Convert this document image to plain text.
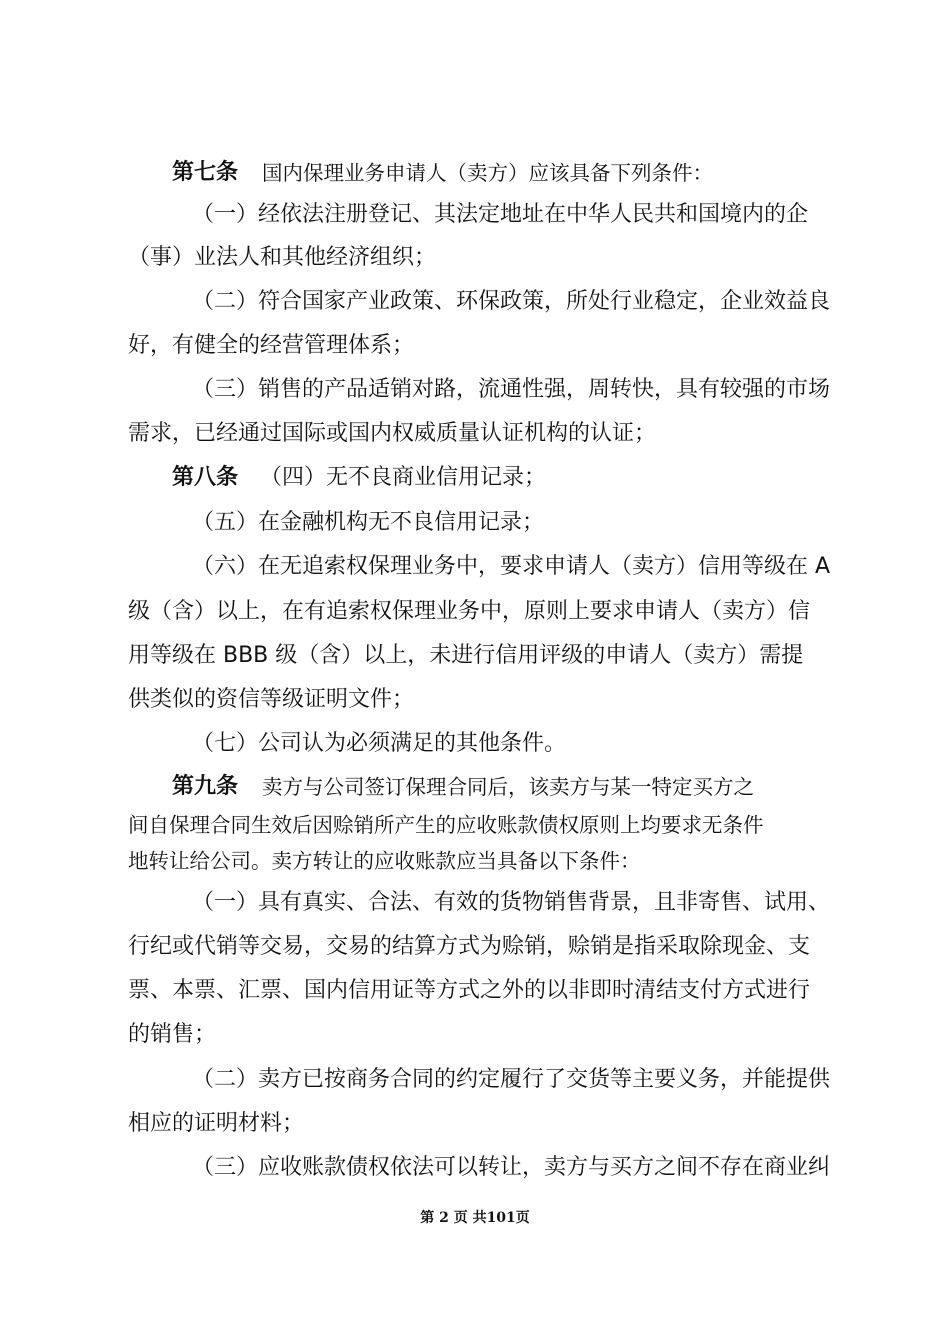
第七条 国内保理业务申请人（卖方）应该具备下列条件：
（一）经依法注册登记、其法定地址在中华人民共和国境内的企
（事）业法人和其他经济组织；
（二）符合国家产业政策、环保政策，所处行业稳定，企业效益良
好，有健全的经营管理体系；
（三）销售的产品适销对路，流通性强，周转快，具有较强的市场
需求，已经通过国际或国内权威质量认证机构的认证；
第八条 （四）无不良商业信用记录；
（五）在金融机构无不良信用记录；
（六）在无追索权保理业务中，要求申请人（卖方）信用等级在 A
级（含）以上，在有追索权保理业务中，原则上要求申请人（卖方）信
用等级在 BBB 级（含）以上，未进行信用评级的申请人（卖方）需提
供类似的资信等级证明文件；
（七）公司认为必须满足的其他条件。
第九条 卖方与公司签订保理合同后，该卖方与某一特定买方之
间自保理合同生效后因赊销所产生的应收账款债权原则上均要求无条件
地转让给公司。卖方转让的应收账款应当具备以下条件：
（一）具有真实、合法、有效的货物销售背景，且非寄售、试用、
行纪或代销等交易，交易的结算方式为赊销，赊销是指采取除现金、支
票、本票、汇票、国内信用证等方式之外的以非即时清结支付方式进行
的销售；
（二）卖方已按商务合同的约定履行了交货等主要义务，并能提供
相应的证明材料；
（三）应收账款债权依法可以转让，卖方与买方之间不存在商业纠
第 2 页 共101页
